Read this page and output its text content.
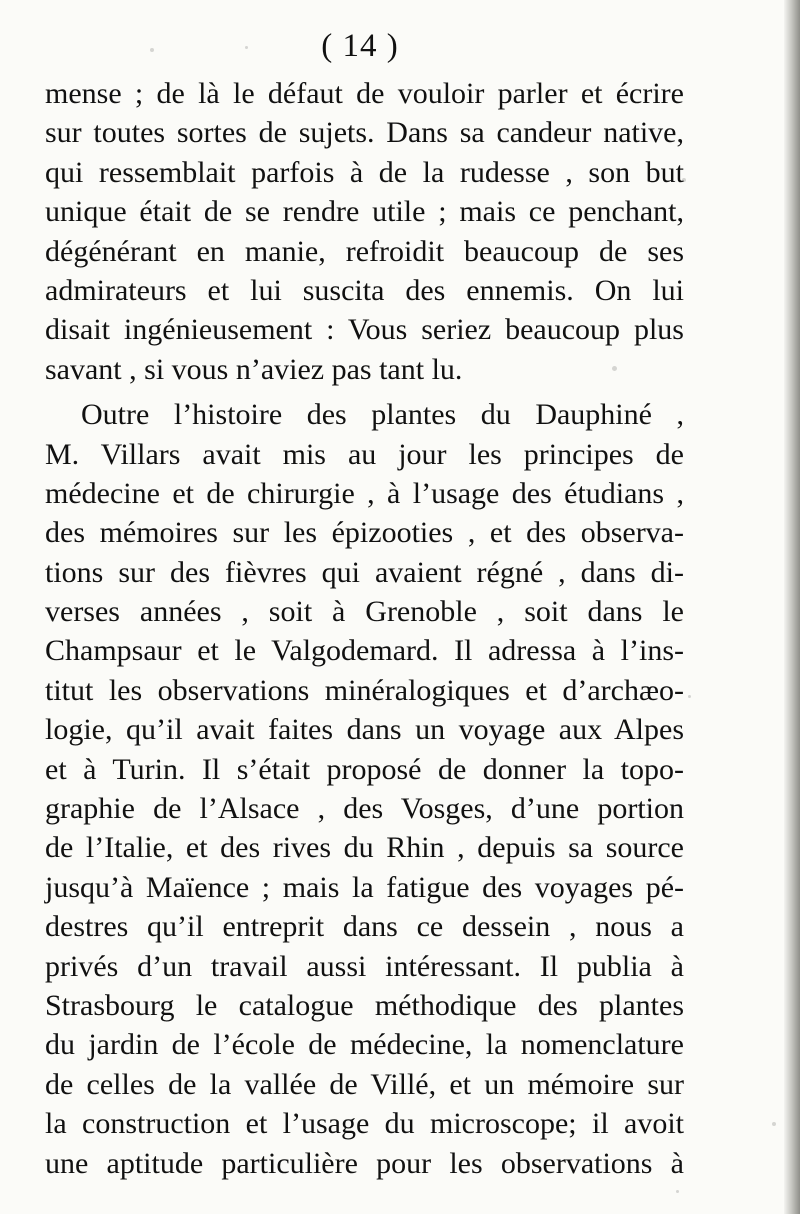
( 14 )
mense ; de là le défaut de vouloir parler et écrire
sur toutes sortes de sujets. Dans sa candeur native,
qui ressemblait parfois à de la rudesse , son but
unique était de se rendre utile ; mais ce penchant,
dégénérant en manie, refroidit beaucoup de ses
admirateurs et lui suscita des ennemis. On lui
disait ingénieusement : Vous seriez beaucoup plus
savant , si vous n’aviez pas tant lu.
Outre l’histoire des plantes du Dauphiné ,
M. Villars avait mis au jour les principes de
médecine et de chirurgie , à l’usage des étudians ,
des mémoires sur les épizooties , et des observa-
tions sur des fièvres qui avaient régné , dans di-
verses années , soit à Grenoble , soit dans le
Champsaur et le Valgodemard. Il adressa à l’ins-
titut les observations minéralogiques et d’archæo-
logie, qu’il avait faites dans un voyage aux Alpes
et à Turin. Il s’était proposé de donner la topo-
graphie de l’Alsace , des Vosges, d’une portion
de l’Italie, et des rives du Rhin , depuis sa source
jusqu’à Maïence ; mais la fatigue des voyages pé-
destres qu’il entreprit dans ce dessein , nous a
privés d’un travail aussi intéressant. Il publia à
Strasbourg le catalogue méthodique des plantes
du jardin de l’école de médecine, la nomenclature
de celles de la vallée de Villé, et un mémoire sur
la construction et l’usage du microscope; il avoit
une aptitude particulière pour les observations à
